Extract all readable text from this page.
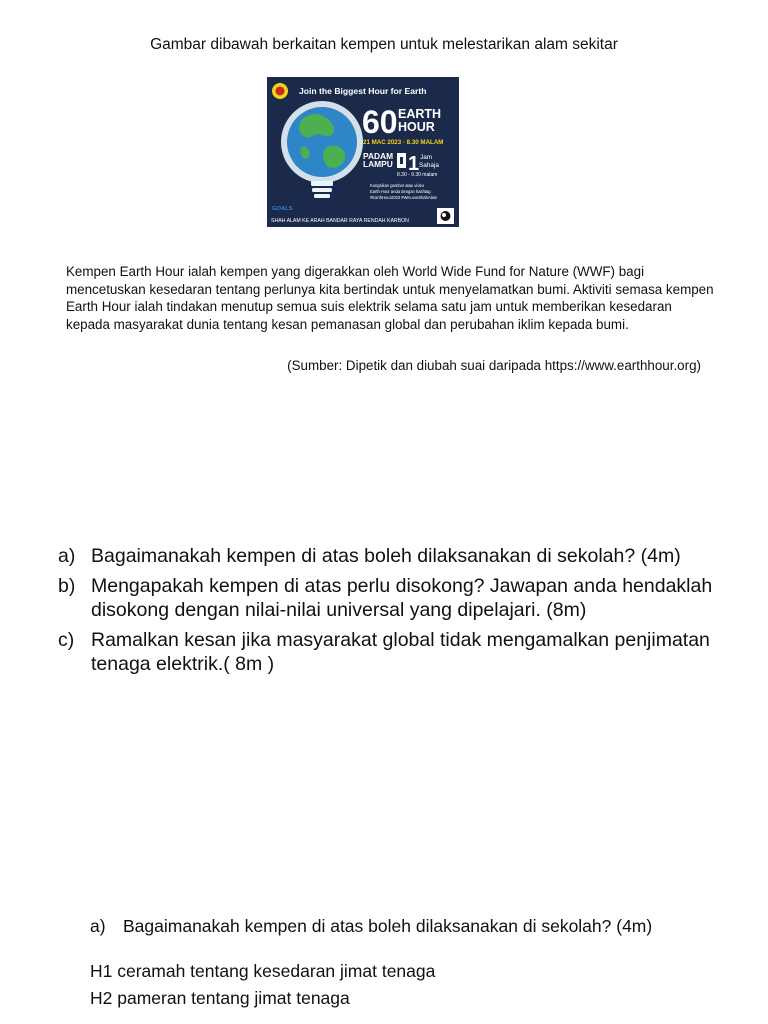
Gambar dibawah berkaitan kempen untuk melestarikan alam sekitar
Join the Biggest Hour for Earth
60 EARTH
HOUR
21 MAC 2023 · 8.30 MALAM
PADAM
LAMPU 1 Jam
Sahaja
8.30 - 9.30 malam
Kongsikan gambar atau video
Earth Hour anda dengan hashtag
#EarthHour2023 #WeLoveShahAlam
GOALS
SHAH ALAM KE ARAH BANDAR RAYA RENDAH KARBON
Kempen Earth Hour ialah kempen yang digerakkan oleh World Wide Fund for Nature (WWF) bagi mencetuskan kesedaran tentang perlunya kita bertindak untuk menyelamatkan bumi. Aktiviti semasa kempen Earth Hour ialah tindakan menutup semua suis elektrik selama satu jam untuk memberikan kesedaran kepada masyarakat dunia tentang kesan pemanasan global dan perubahan iklim kepada bumi.
(Sumber: Dipetik dan diubah suai daripada https://www.earthhour.org)
a) Bagaimanakah kempen di atas boleh dilaksanakan di sekolah? (4m)
b) Mengapakah kempen di atas perlu disokong? Jawapan anda hendaklah disokong dengan nilai-nilai universal yang dipelajari. (8m)
c) Ramalkan kesan jika masyarakat global tidak mengamalkan penjimatan tenaga elektrik.( 8m )
a) Bagaimanakah kempen di atas boleh dilaksanakan di sekolah? (4m)
H1 ceramah tentang kesedaran jimat tenaga
H2 pameran tentang jimat tenaga
